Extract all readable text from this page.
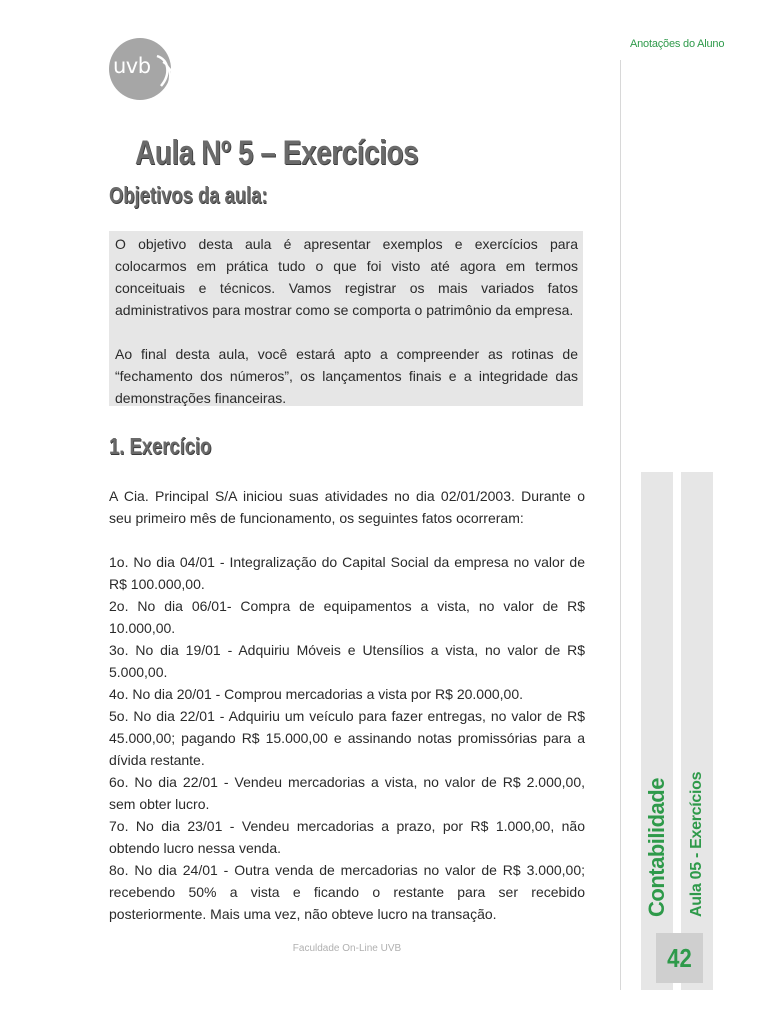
uvb
Anotações do Aluno
Aula Nº 5 – Exercícios
Objetivos da aula:

O objetivo desta aula é apresentar exemplos e exercícios para colocarmos em prática tudo o que foi visto até agora em termos conceituais e técnicos. Vamos registrar os mais variados fatos administrativos para mostrar como se comporta o patrimônio da empresa.

Ao final desta aula, você estará apto a compreender as rotinas de “fechamento dos números”, os lançamentos finais e a integridade das demonstrações financeiras.

1. Exercício

A Cia. Principal S/A iniciou suas atividades no dia 02/01/2003. Durante o seu primeiro mês de funcionamento, os seguintes fatos ocorreram:

1o. No dia 04/01 - Integralização do Capital Social da empresa no valor de R$ 100.000,00.

2o. No dia 06/01- Compra de equipamentos a vista, no valor de R$ 10.000,00.

3o. No dia 19/01 - Adquiriu Móveis e Utensílios a vista, no valor de R$ 5.000,00.

4o. No dia 20/01 - Comprou mercadorias a vista por R$ 20.000,00.

5o. No dia 22/01 - Adquiriu um veículo para fazer entregas, no valor de R$ 45.000,00; pagando R$ 15.000,00 e assinando notas promissórias para a dívida restante.

6o. No dia 22/01 - Vendeu mercadorias a vista, no valor de R$ 2.000,00, sem obter lucro.

7o. No dia 23/01 - Vendeu mercadorias a prazo, por R$ 1.000,00, não obtendo lucro nessa venda.

8o. No dia 24/01 - Outra venda de mercadorias no valor de R$ 3.000,00; recebendo 50% a vista e ficando o restante para ser recebido posteriormente. Mais uma vez, não obteve lucro na transação.

Faculdade On-Line UVB
Contabilidade Aula 05 - Exercícios
42
